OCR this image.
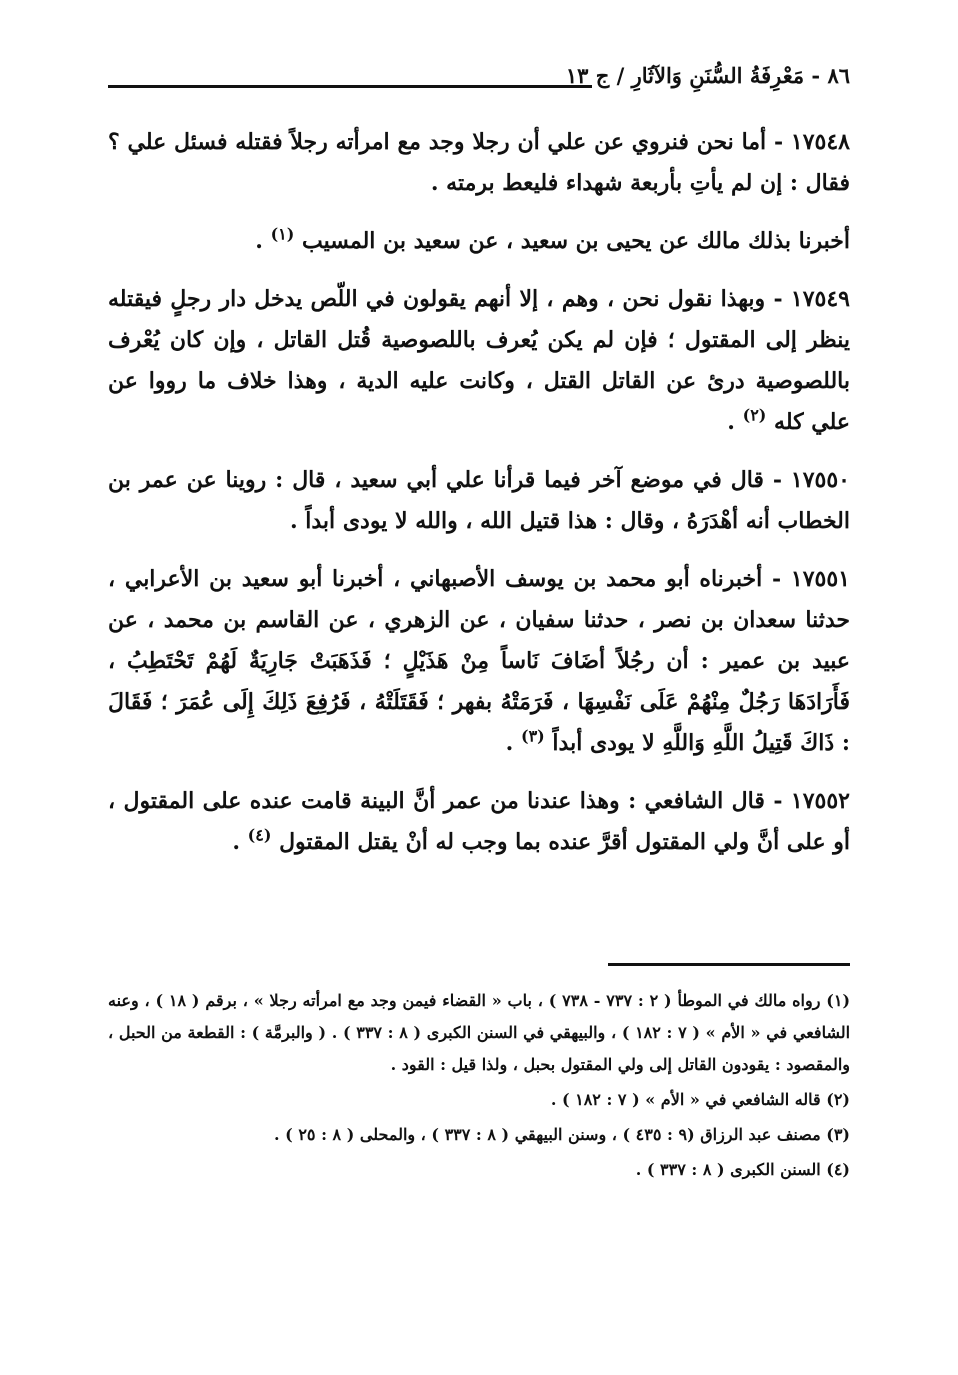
٨٦ - مَعْرِفَةُ السُّنَنِ وَالآثَارِ / ج ١٣

١٧٥٤٨ - أما نحن فنروي عن علي أن رجلا وجد مع امرأته رجلاً فقتله فسئل علي ؟ فقال : إن لم يأتِ بأربعة شهداء فليعط برمته .

أخبرنا بذلك مالك عن يحيى بن سعيد ، عن سعيد بن المسيب $^{(١)}$ .

١٧٥٤٩ - وبهذا نقول نحن ، وهم ، إلا أنهم يقولون في اللّص يدخل دار رجلٍ فيقتله ينظر إلى المقتول ؛ فإن لم يكن يُعرف باللصوصية قُتل القاتل ، وإن كان يُعْرف باللصوصية درئ عن القاتل القتل ، وكانت عليه الدية ، وهذا خلاف ما رووا عن علي كله $^{(٢)}$ .

١٧٥٥٠ - قال في موضع آخر فيما قرأنا علي أبي سعيد ، قال : روينا عن عمر بن الخطاب أنه أهْدَرَهُ ، وقال : هذا قتيل الله ، والله لا يودى أبداً .

١٧٥٥١ - أخبرناه أبو محمد بن يوسف الأصبهاني ، أخبرنا أبو سعيد بن الأعرابي ، حدثنا سعدان بن نصر ، حدثنا سفيان ، عن الزهري ، عن القاسم بن محمد ، عن عبيد بن عمير : أن رجُلاً أضَافَ نَاساً مِنْ هَذَيْلٍ ؛ فَذَهَبَتْ جَارِيَةٌ لَهُمْ تَحْتَطِبُ ، فَأَرَادَهَا رَجُلٌ مِنْهُمْ عَلَى نَفْسِهَا ، فَرَمَتْهُ بفهر ؛ فَقَتَلَتْهُ ، فَرُفِعَ ذَلِكَ إِلَى عُمَرَ ؛ فَقَالَ : ذَاكَ قَتِيلُ اللَّهِ وَاللَّهِ لا يودى أبداً $^{(٣)}$ .

١٧٥٥٢ - قال الشافعي : وهذا عندنا من عمر أنَّ البينة قامت عنده على المقتول ، أو على أنَّ ولي المقتول أقرَّ عنده بما وجب له أنْ يقتل المقتول $^{(٤)}$ .

(١) رواه مالك في الموطأ ( ٢ : ٧٣٧ - ٧٣٨ ) ، باب « القضاء فيمن وجد مع امرأته رجلا » ، برقم ( ١٨ ) ، وعنه الشافعي في « الأم » ( ٧ : ١٨٢ ) ، والبيهقي في السنن الكبرى ( ٨ : ٣٣٧ ) . ( والبرمَّة ) : القطعة من الحبل ، والمقصود : يقودون القاتل إلى ولي المقتول بحبل ، ولذا قيل : القود .

(٢) قاله الشافعي في « الأم » ( ٧ : ١٨٢ ) .

(٣) مصنف عبد الرزاق (٩ : ٤٣٥ ) ، وسنن البيهقي ( ٨ : ٣٣٧ ) ، والمحلى ( ٨ : ٢٥ ) .

(٤) السنن الكبرى ( ٨ : ٣٣٧ ) .
